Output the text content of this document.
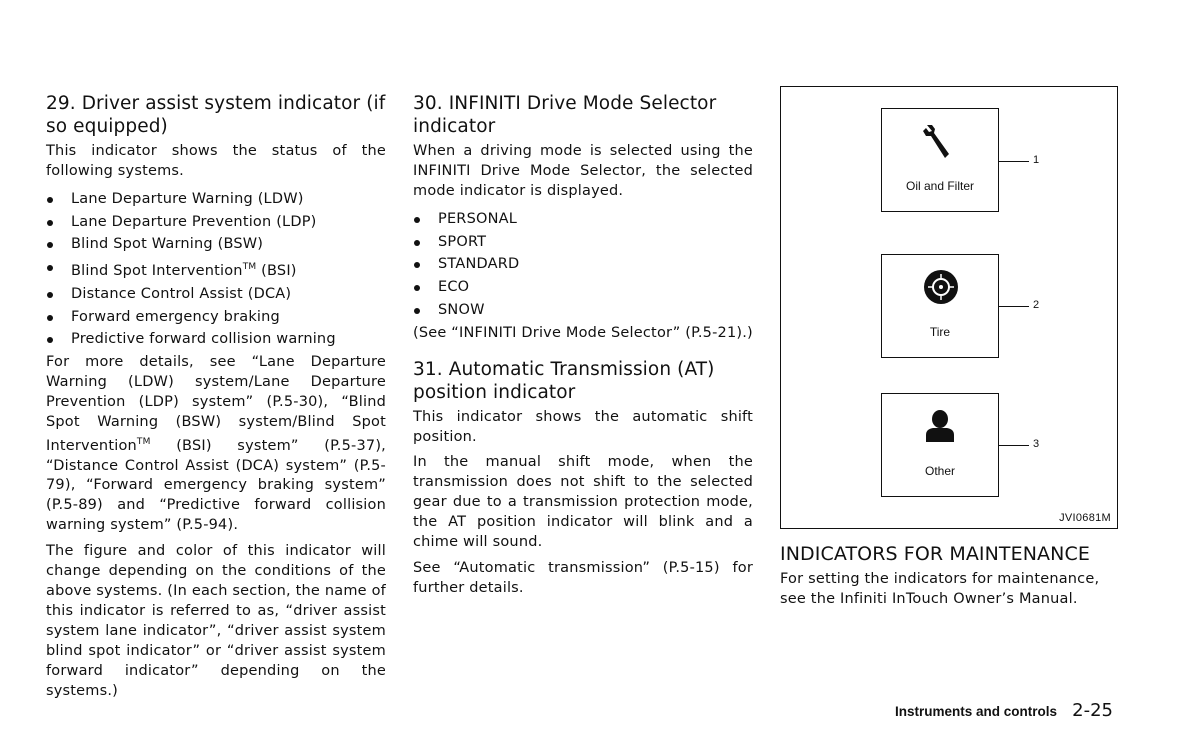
29. Driver assist system indicator (if so equipped)

This indicator shows the status of the following systems.

Lane Departure Warning (LDW)
Lane Departure Prevention (LDP)
Blind Spot Warning (BSW)
Blind Spot Intervention™ (BSI)
Distance Control Assist (DCA)
Forward emergency braking
Predictive forward collision warning

For more details, see “Lane Departure Warning (LDW) system/Lane Departure Prevention (LDP) system” (P.5-30), “Blind Spot Warning (BSW) system/Blind Spot Intervention™ (BSI) system” (P.5-37), “Distance Control Assist (DCA) system” (P.5-79), “Forward emergency braking system” (P.5-89) and “Predictive forward collision warning system” (P.5-94).

The figure and color of this indicator will change depending on the conditions of the above systems. (In each section, the name of this indicator is referred to as, “driver assist system lane indicator”, “driver assist system blind spot indicator” or “driver assist system forward indicator” depending on the systems.)

30. INFINITI Drive Mode Selector indicator

When a driving mode is selected using the INFINITI Drive Mode Selector, the selected mode indicator is displayed.

PERSONAL
SPORT
STANDARD
ECO
SNOW

(See “INFINITI Drive Mode Selector” (P.5-21).)

31. Automatic Transmission (AT) position indicator

This indicator shows the automatic shift position.

In the manual shift mode, when the transmission does not shift to the selected gear due to a transmission protection mode, the AT position indicator will blink and a chime will sound.

See “Automatic transmission” (P.5-15) for further details.

Oil and Filter
1
Tire
2
Other
3
JVI0681M
INDICATORS FOR MAINTENANCE

For setting the indicators for maintenance, see the Infiniti InTouch Owner’s Manual.

Instruments and controls 2-25
